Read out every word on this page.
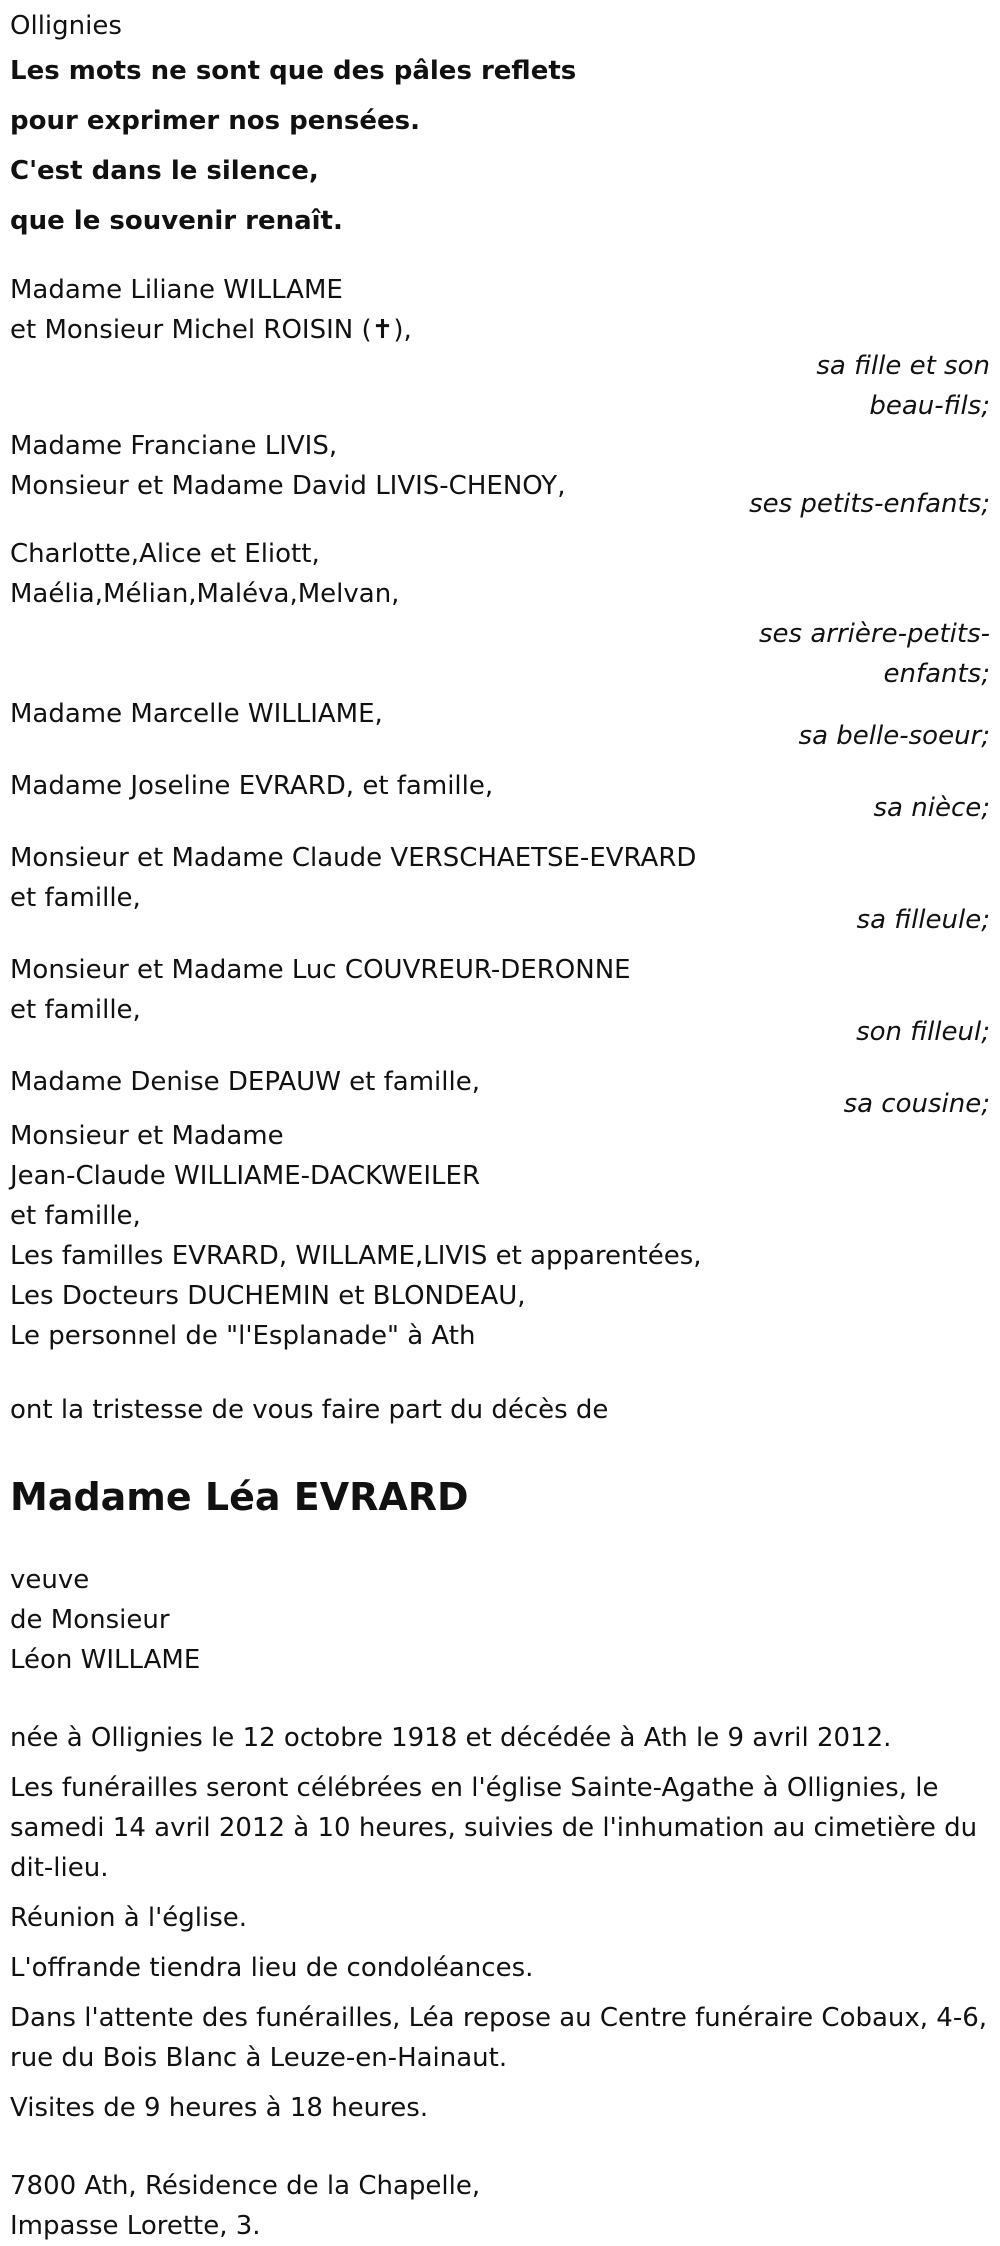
Ollignies
Les mots ne sont que des pâles reflets
pour exprimer nos pensées.
C'est dans le silence,
que le souvenir renaît.
Madame Liliane WILLAME
et Monsieur Michel ROISIN (✝),
sa fille et son
beau-fils;
Madame Franciane LIVIS,
Monsieur et Madame David LIVIS-CHENOY,
ses petits-enfants;
Charlotte,Alice et Eliott,
Maélia,Mélian,Maléva,Melvan,
ses arrière-petits-
enfants;
Madame Marcelle WILLIAME,
sa belle-soeur;
Madame Joseline EVRARD, et famille,
sa nièce;
Monsieur et Madame Claude VERSCHAETSE-EVRARD
et famille,
sa filleule;
Monsieur et Madame Luc COUVREUR-DERONNE
et famille,
son filleul;
Madame Denise DEPAUW et famille,
sa cousine;
Monsieur et Madame
Jean-Claude WILLIAME-DACKWEILER
et famille,
Les familles EVRARD, WILLAME,LIVIS et apparentées,
Les Docteurs DUCHEMIN et BLONDEAU,
Le personnel de "l'Esplanade" à Ath
ont la tristesse de vous faire part du décès de
Madame Léa EVRARD
veuve
de Monsieur
Léon WILLAME

née à Ollignies le 12 octobre 1918 et décédée à Ath le 9 avril 2012.

Les funérailles seront célébrées en l'église Sainte-Agathe à Ollignies, le samedi 14 avril 2012 à 10 heures, suivies de l'inhumation au cimetière du dit-lieu.

Réunion à l'église.

L'offrande tiendra lieu de condoléances.

Dans l'attente des funérailles, Léa repose au Centre funéraire Cobaux, 4-6, rue du Bois Blanc à Leuze-en-Hainaut.

Visites de 9 heures à 18 heures.

7800 Ath, Résidence de la Chapelle,
Impasse Lorette, 3.
